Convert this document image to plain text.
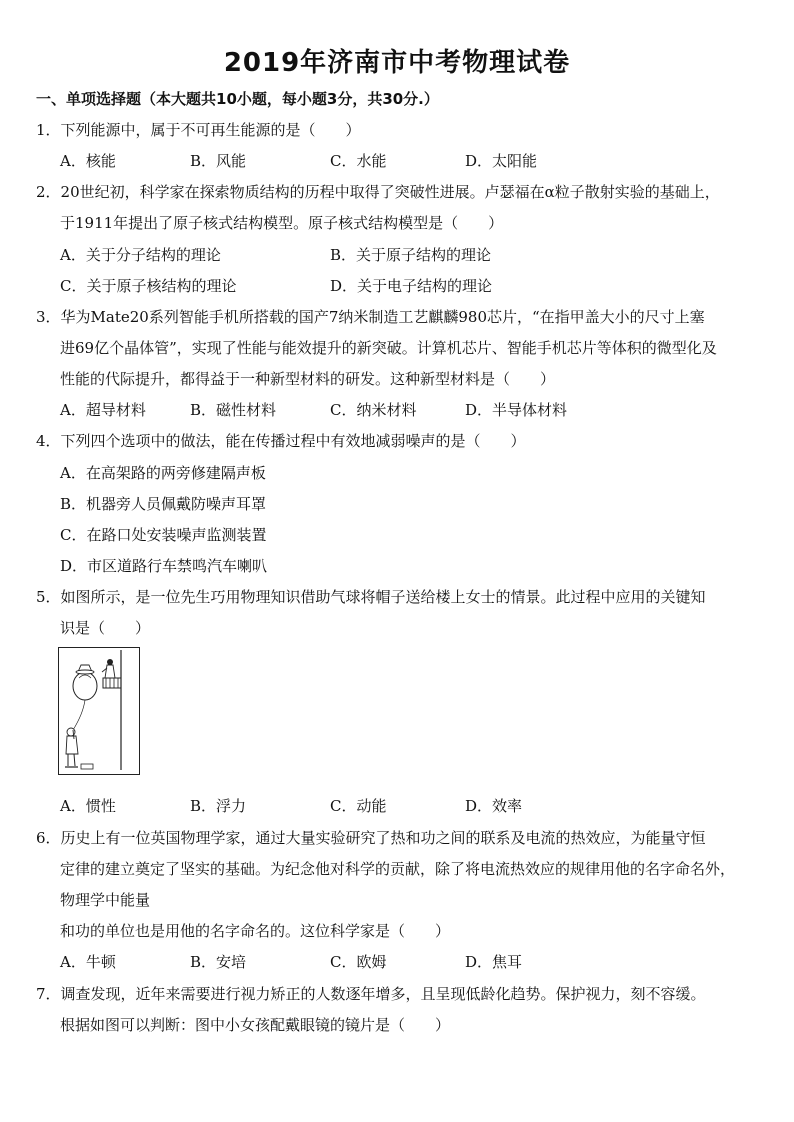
2019年济南市中考物理试卷
一、单项选择题（本大题共10小题，每小题3分，共30分.）
1．下列能源中，属于不可再生能源的是（　　）
A．核能	B．风能	C．水能	D．太阳能
2．20世纪初，科学家在探索物质结构的历程中取得了突破性进展。卢瑟福在α粒子散射实验的基础上，
于1911年提出了原子核式结构模型。原子核式结构模型是（　　）
A．关于分子结构的理论	B．关于原子结构的理论
C．关于原子核结构的理论	D．关于电子结构的理论
3．华为Mate20系列智能手机所搭载的国产7纳米制造工艺麒麟980芯片，“在指甲盖大小的尺寸上塞
进69亿个晶体管”，实现了性能与能效提升的新突破。计算机芯片、智能手机芯片等体积的微型化及
性能的代际提升，都得益于一种新型材料的研发。这种新型材料是（　　）
A．超导材料	B．磁性材料	C．纳米材料	D．半导体材料
4．下列四个选项中的做法，能在传播过程中有效地减弱噪声的是（　　）
A．在高架路的两旁修建隔声板
B．机器旁人员佩戴防噪声耳罩
C．在路口处安装噪声监测装置
D．市区道路行车禁鸣汽车喇叭
5．如图所示，是一位先生巧用物理知识借助气球将帽子送给楼上女士的情景。此过程中应用的关键知
识是（　　）
A．惯性	B．浮力	C．动能	D．效率
6．历史上有一位英国物理学家，通过大量实验研究了热和功之间的联系及电流的热效应，为能量守恒
定律的建立奠定了坚实的基础。为纪念他对科学的贡献，除了将电流热效应的规律用他的名字命名外，
物理学中能量
和功的单位也是用他的名字命名的。这位科学家是（　　）
A．牛顿	B．安培	C．欧姆	D．焦耳
7．调查发现，近年来需要进行视力矫正的人数逐年增多，且呈现低龄化趋势。保护视力，刻不容缓。
根据如图可以判断：图中小女孩配戴眼镜的镜片是（　　）
